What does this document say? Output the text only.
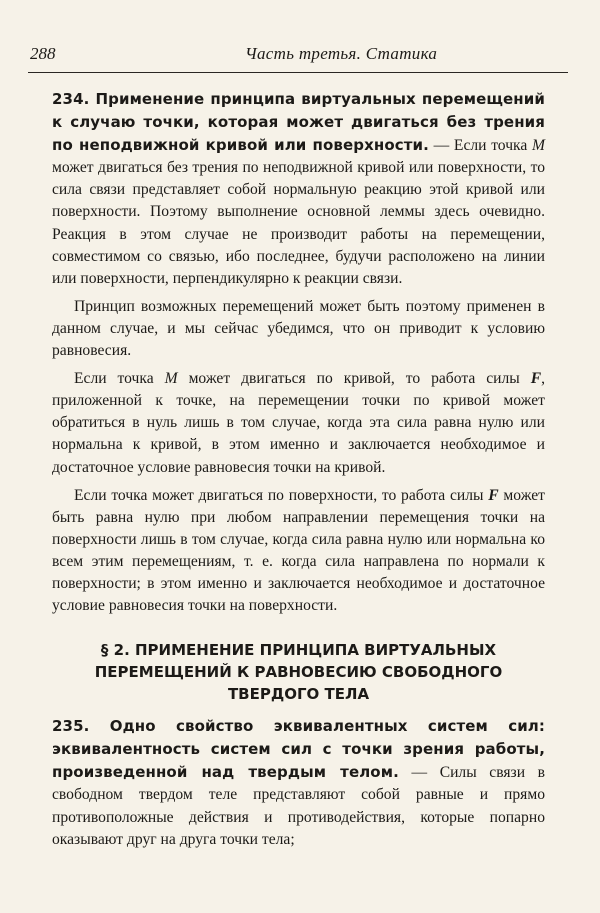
288	Часть третья. Статика

234. Применение принципа виртуальных перемещений к случаю точки, которая может двигаться без трения по неподвижной кривой или поверхности. — Если точка М может двигаться без трения по неподвижной кривой или поверхности, то сила связи представляет собой нормальную реакцию этой кривой или поверхности. Поэтому выполнение основной леммы здесь очевидно. Реакция в этом случае не производит работы на перемещении, совместимом со связью, ибо последнее, будучи расположено на линии или поверхности, перпендикулярно к реакции связи.

Принцип возможных перемещений может быть поэтому применен в данном случае, и мы сейчас убедимся, что он приводит к условию равновесия.

Если точка М может двигаться по кривой, то работа силы F, приложенной к точке, на перемещении точки по кривой может обратиться в нуль лишь в том случае, когда эта сила равна нулю или нормальна к кривой, в этом именно и заключается необходимое и достаточное условие равновесия точки на кривой.

Если точка может двигаться по поверхности, то работа силы F может быть равна нулю при любом направлении перемещения точки на поверхности лишь в том случае, когда сила равна нулю или нормальна ко всем этим перемещениям, т. е. когда сила направлена по нормали к поверхности; в этом именно и заключается необходимое и достаточное условие равновесия точки на поверхности.

§ 2. ПРИМЕНЕНИЕ ПРИНЦИПА ВИРТУАЛЬНЫХ
ПЕРЕМЕЩЕНИЙ К РАВНОВЕСИЮ СВОБОДНОГО
ТВЕРДОГО ТЕЛА

235. Одно свойство эквивалентных систем сил: эквивалентность систем сил с точки зрения работы, произведенной над твердым телом. — Силы связи в свободном твердом теле представляют собой равные и прямо противоположные действия и противодействия, которые попарно оказывают друг на друга точки тела;
